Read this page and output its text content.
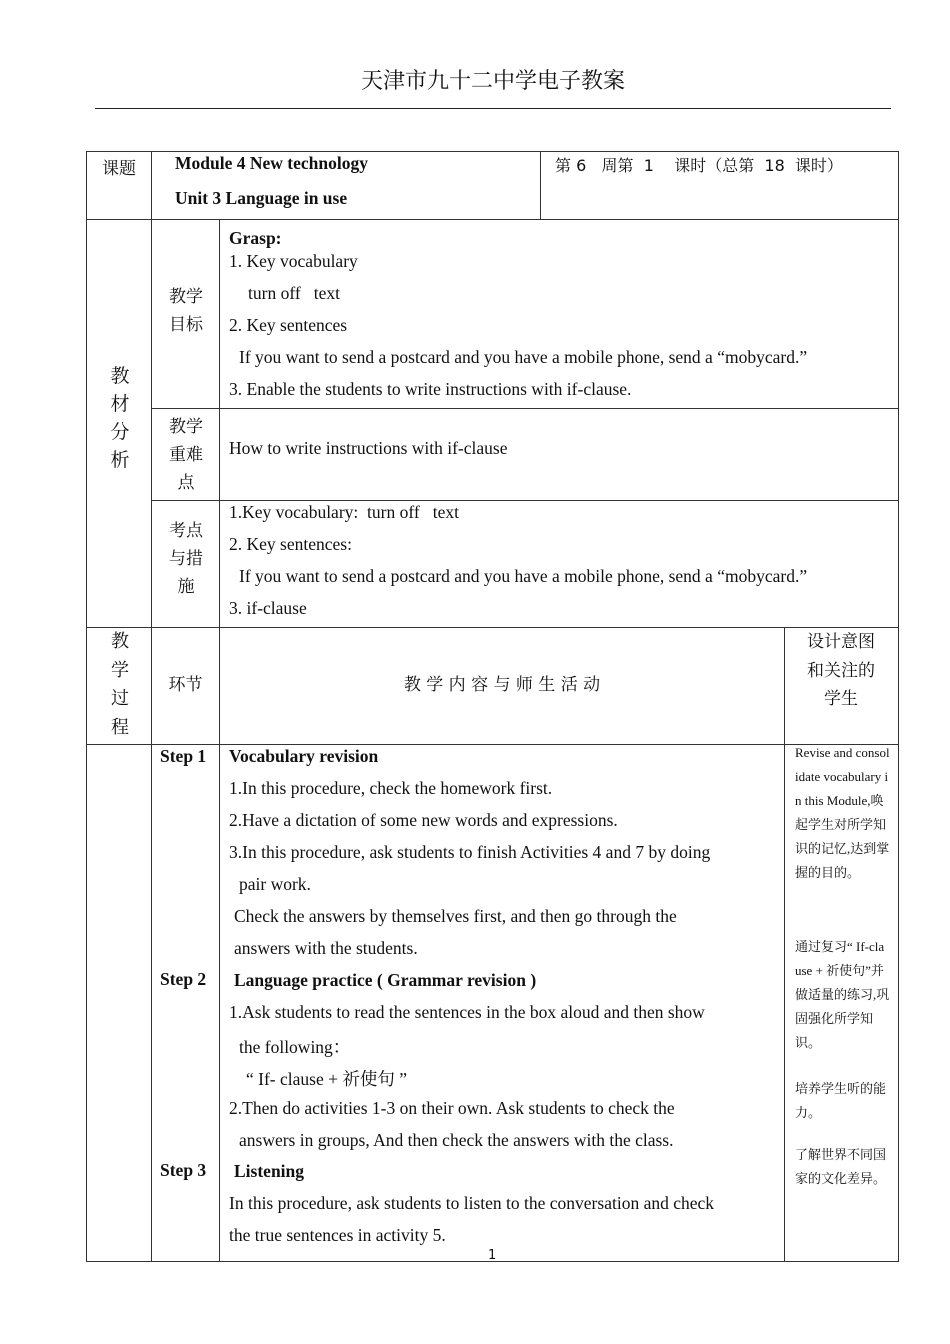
天津市九十二中学电子教案
课题	Module 4 New technology
Unit 3 Language in use
第 6   周第  1    课时（总第  18  课时）
教材分析
教学目标
Grasp:
1. Key vocabulary
turn off   text
2. Key sentences
If you want to send a postcard and you have a mobile phone, send a “mobycard.”
3. Enable the students to write instructions with if-clause.
教学重难点
How to write instructions with if-clause
考点与措施
1.Key vocabulary:  turn off   text
2. Key sentences:
If you want to send a postcard and you have a mobile phone, send a “mobycard.”
3. if-clause
教学过程
环节	教 学 内 容 与 师 生 活 动
设计意图和关注的学生
Step 1
Step 2
Step 3
Vocabulary revision
1.In this procedure, check the homework first.
2.Have a dictation of some new words and expressions.
3.In this procedure, ask students to finish Activities 4 and 7 by doing
pair work.
Check the answers by themselves first, and then go through the
answers with the students.
Language practice ( Grammar revision )
1.Ask students to read the sentences in the box aloud and then show
the following：
“ If- clause + 祈使句 ”
2.Then do activities 1-3 on their own. Ask students to check the
answers in groups, And then check the answers with the class.
Listening
In this procedure, ask students to listen to the conversation and check
the true sentences in activity 5.
Revise and consolidate vocabulary in this Module,唤起学生对所学知识的记忆,达到掌握的目的。
通过复习“ If-clause + 祈使句”并做适量的练习,巩固强化所学知识。
培养学生听的能力。
了解世界不同国家的文化差异。
1
